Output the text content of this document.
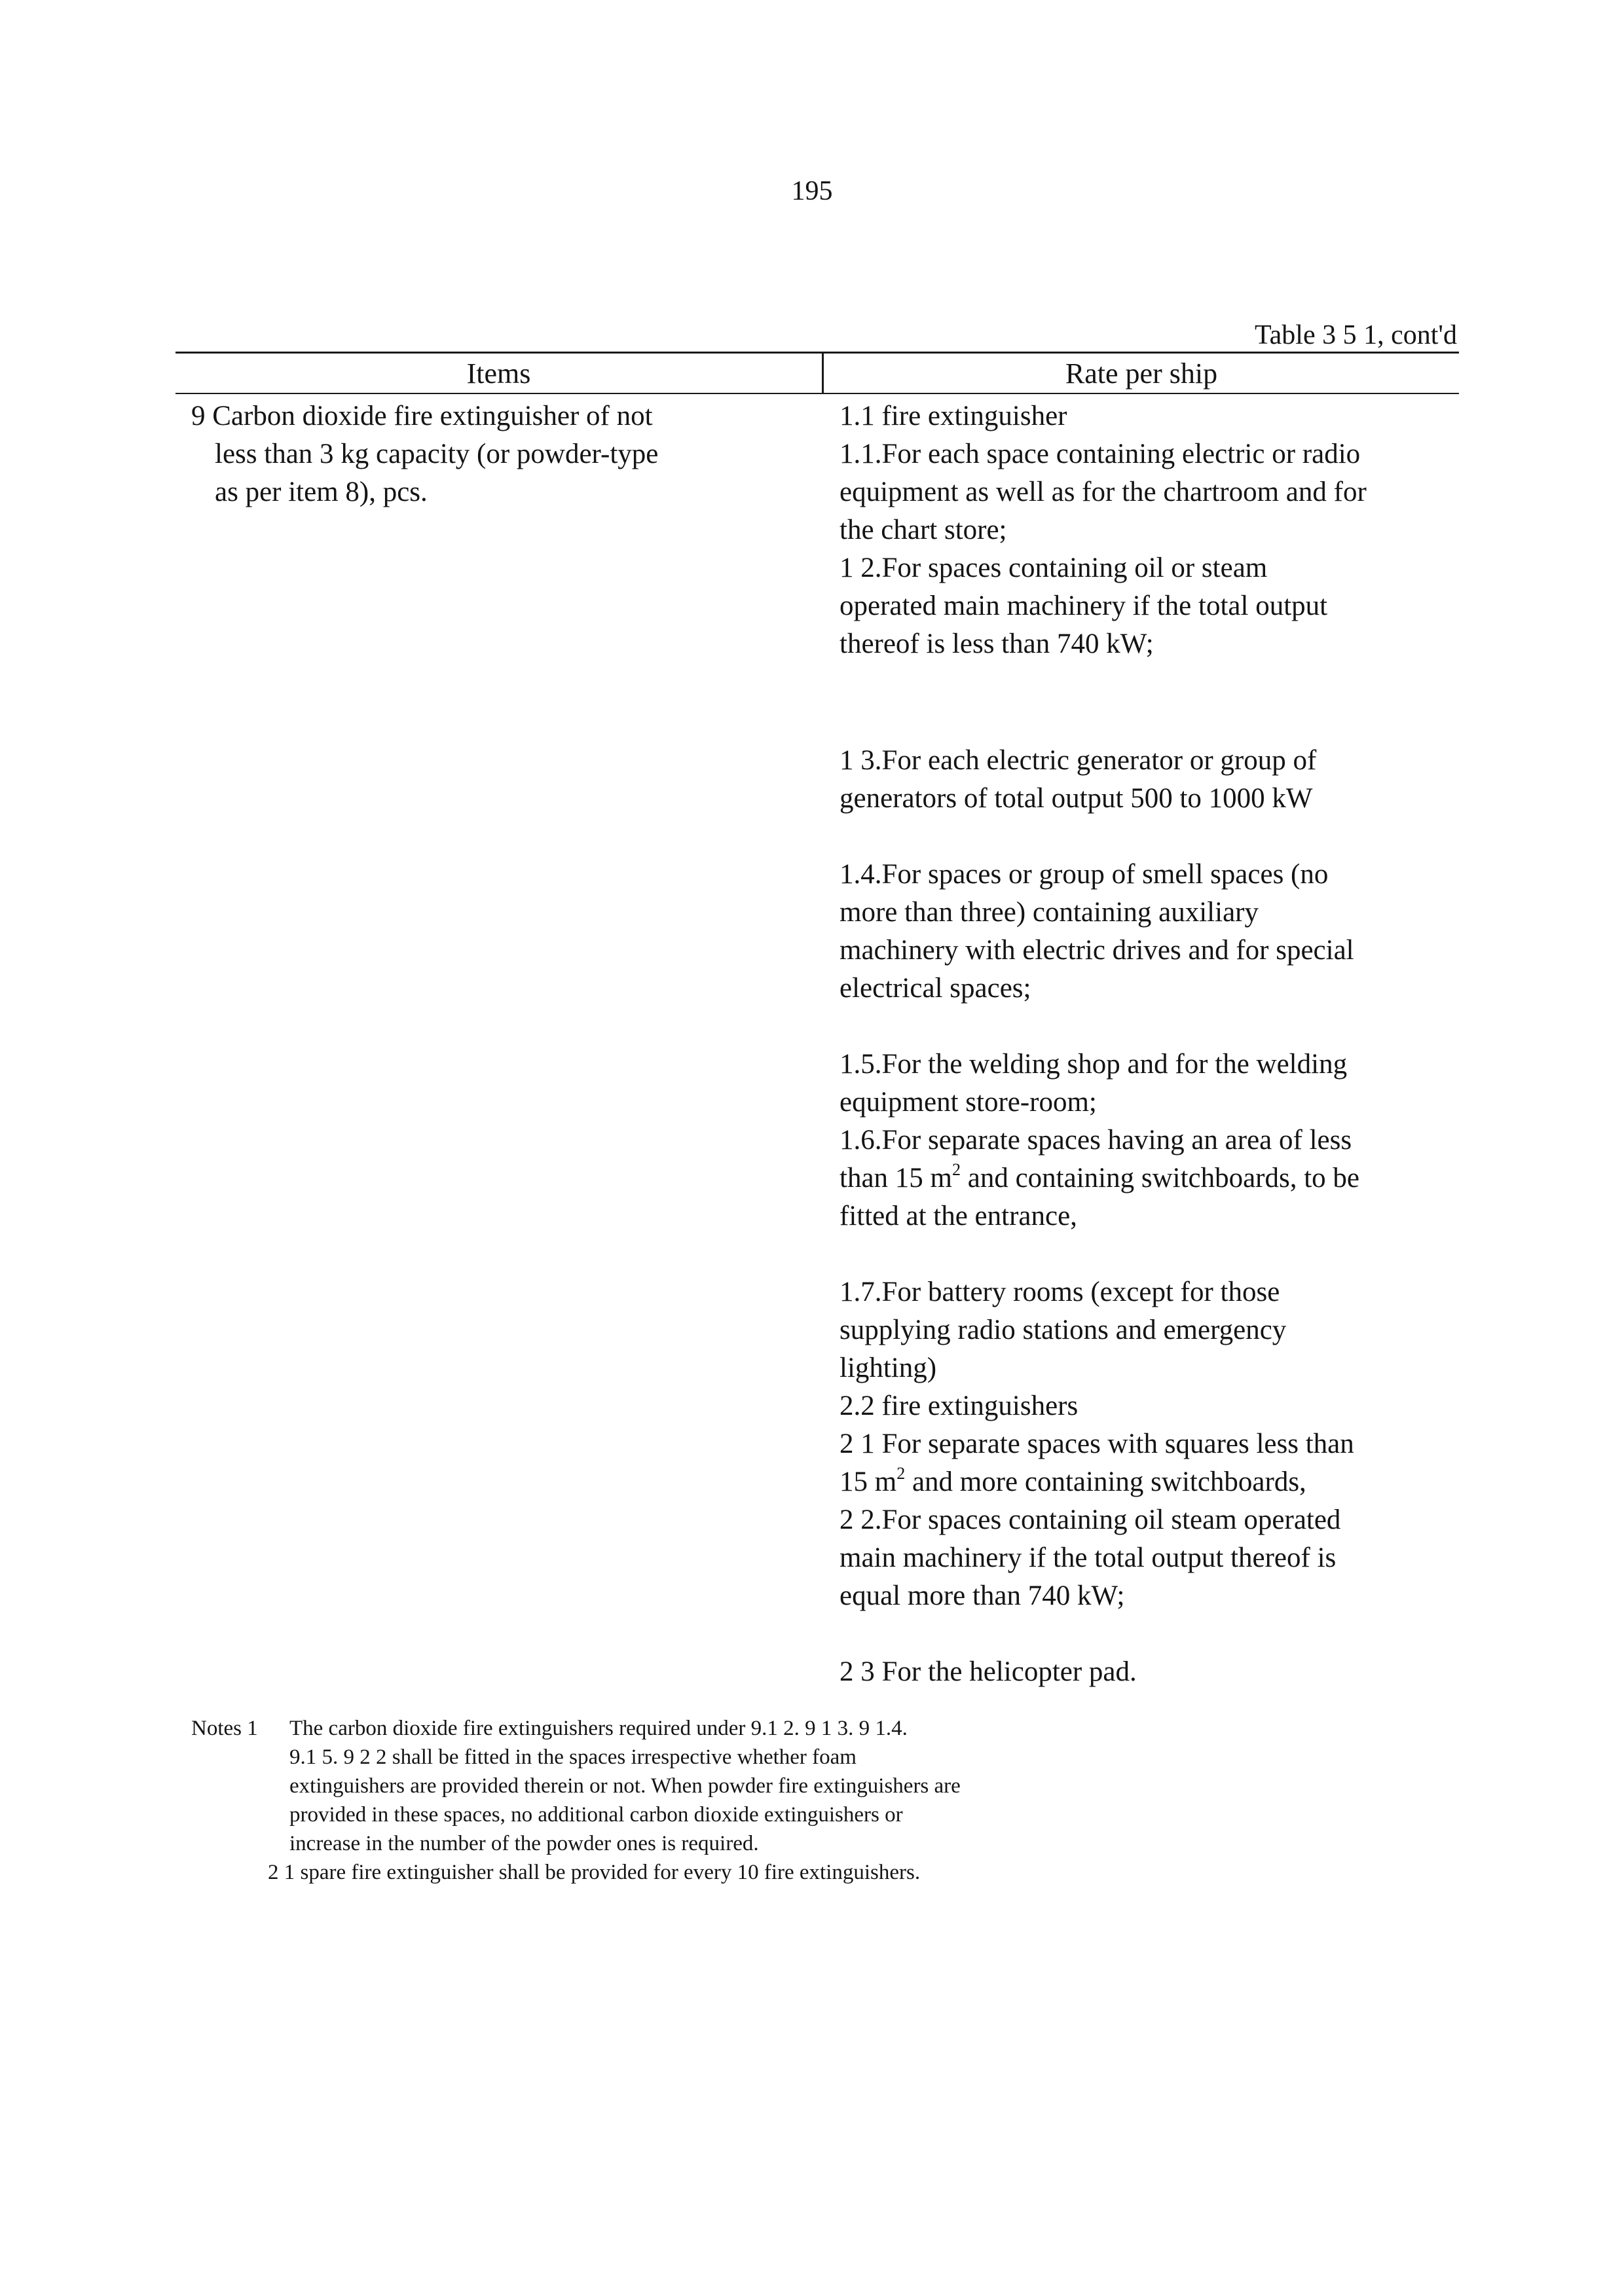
195
Table 3 5 1, cont'd
Items	Rate per ship
9 Carbon dioxide fire extinguisher of not
less than 3 kg capacity (or powder-type
as per item 8), pcs.
1.1 fire extinguisher
1.1.For each space containing electric or radio
equipment as well as for the chartroom and for
the chart store;
1 2.For spaces containing oil or steam
operated main machinery if the total output
thereof is less than 740 kW;
1 3.For each electric generator or group of
generators of total output 500 to 1000 kW
1.4.For spaces or group of smell spaces (no
more than three) containing auxiliary
machinery with electric drives and for special
electrical spaces;
1.5.For the welding shop and for the welding
equipment store-room;
1.6.For separate spaces having an area of less
than 15 $m^2$ and containing switchboards, to be
fitted at the entrance,
1.7.For battery rooms (except for those
supplying radio stations and emergency
lighting)
2.2 fire extinguishers
2 1 For separate spaces with squares less than
15 $m^2$ and more containing switchboards,
2 2.For spaces containing oil steam operated
main machinery if the total output thereof is
equal more than 740 kW;
2 3 For the helicopter pad.
Notes 1 The carbon dioxide fire extinguishers required under 9.1 2. 9 1 3. 9 1.4.
9.1 5. 9 2 2 shall be fitted in the spaces irrespective whether foam
extinguishers are provided therein or not. When powder fire extinguishers are
provided in these spaces, no additional carbon dioxide extinguishers or
increase in the number of the powder ones is required.
2 1 spare fire extinguisher shall be provided for every 10 fire extinguishers.
